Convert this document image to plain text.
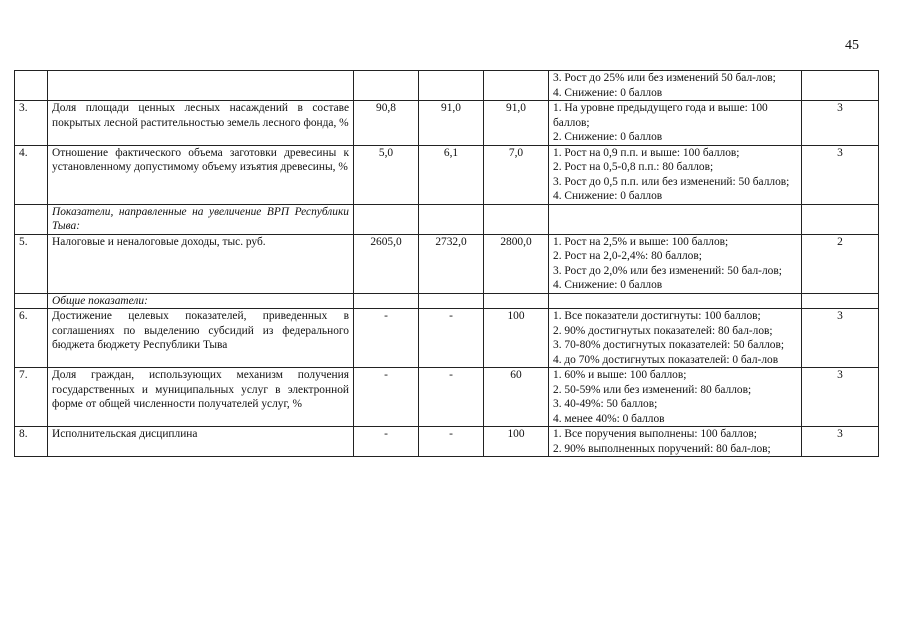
45

					3. Рост до 25% или без изменений 50 бал-лов;
4. Снижение: 0 баллов	

3.	Доля площади ценных лесных насаждений в составе покрытых лесной растительностью земель лесного фонда, %	90,8	91,0	91,0	1. На уровне предыдущего года и выше: 100 баллов;
2. Снижение: 0 баллов	3
4.	Отношение фактического объема заготовки древесины к установленному допустимому объему изъятия древесины, %	5,0	6,1	7,0	1. Рост на 0,9 п.п. и выше: 100 баллов;
2. Рост на 0,5-0,8 п.п.: 80 баллов;
3. Рост до 0,5 п.п. или без изменений: 50 баллов;
4. Снижение: 0 баллов	3
	Показатели, направленные на увеличение ВРП Республики Тыва:					
5.	Налоговые и неналоговые доходы, тыс. руб.	2605,0	2732,0	2800,0	1. Рост на 2,5% и выше: 100 баллов;
2. Рост на 2,0-2,4%: 80 баллов;
3. Рост до 2,0% или без изменений: 50 бал-лов;
4. Снижение: 0 баллов	2
	Общие показатели:					
6.	Достижение целевых показателей, приведенных в соглашениях по выделению субсидий из федерального бюджета бюджету Республики Тыва	-	-	100	1. Все показатели достигнуты: 100 баллов;
2. 90% достигнутых показателей: 80 бал-лов;
3. 70-80% достигнутых показателей: 50 баллов;
4. до 70% достигнутых показателей: 0 бал-лов	3
7.	Доля граждан, использующих механизм получения государственных и муниципальных услуг в электронной форме от общей численности получателей услуг, %	-	-	60	1. 60% и выше: 100 баллов;
2. 50-59% или без изменений: 80 баллов;
3. 40-49%: 50 баллов;
4. менее 40%: 0 баллов	3
8.	Исполнительская дисциплина	-	-	100	1. Все поручения выполнены: 100 баллов;
2. 90% выполненных поручений: 80 бал-лов;	3
